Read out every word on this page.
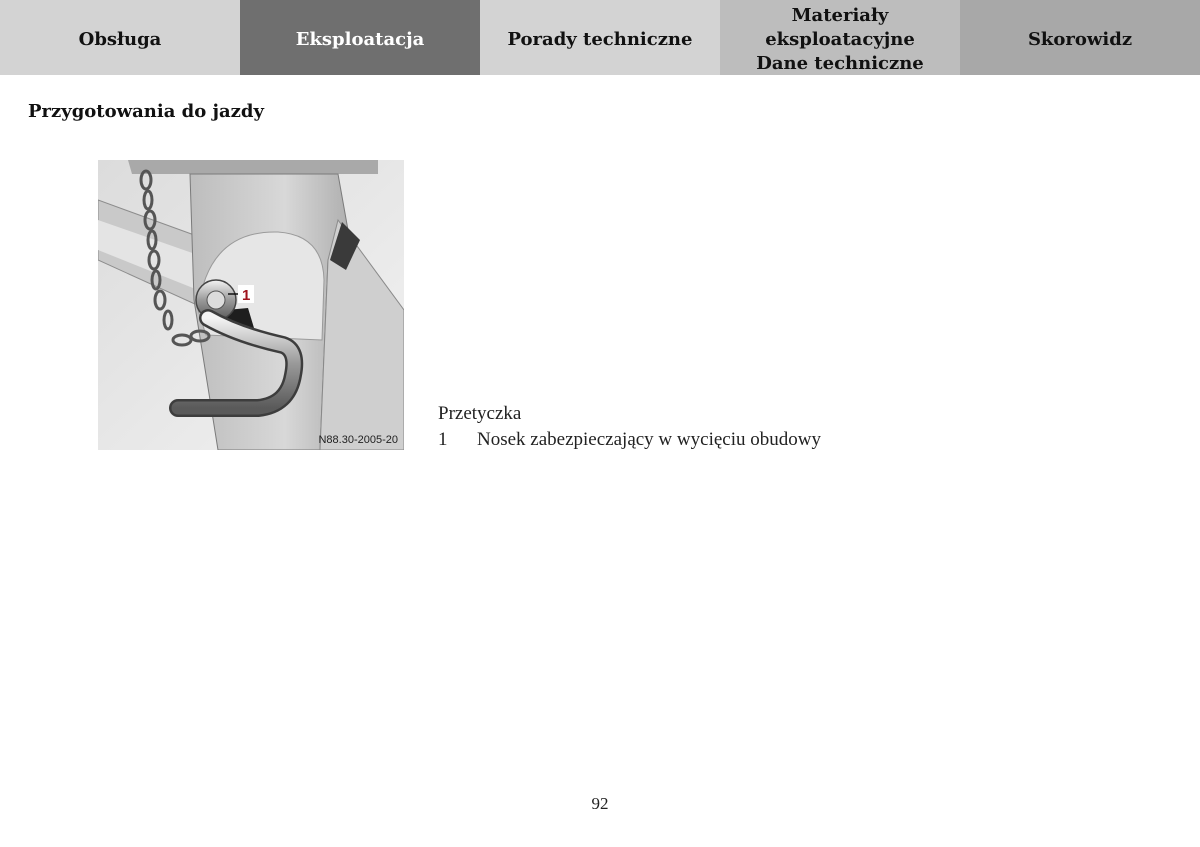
Obsługa	Eksploatacja	Porady techniczne
Materiały eksploatacyjne
Dane techniczne
Skorowidz
Przygotowania do jazdy
1
N88.30-2005-20
Przetyczka
1	Nosek zabezpieczający w wycięciu obudowy
92
